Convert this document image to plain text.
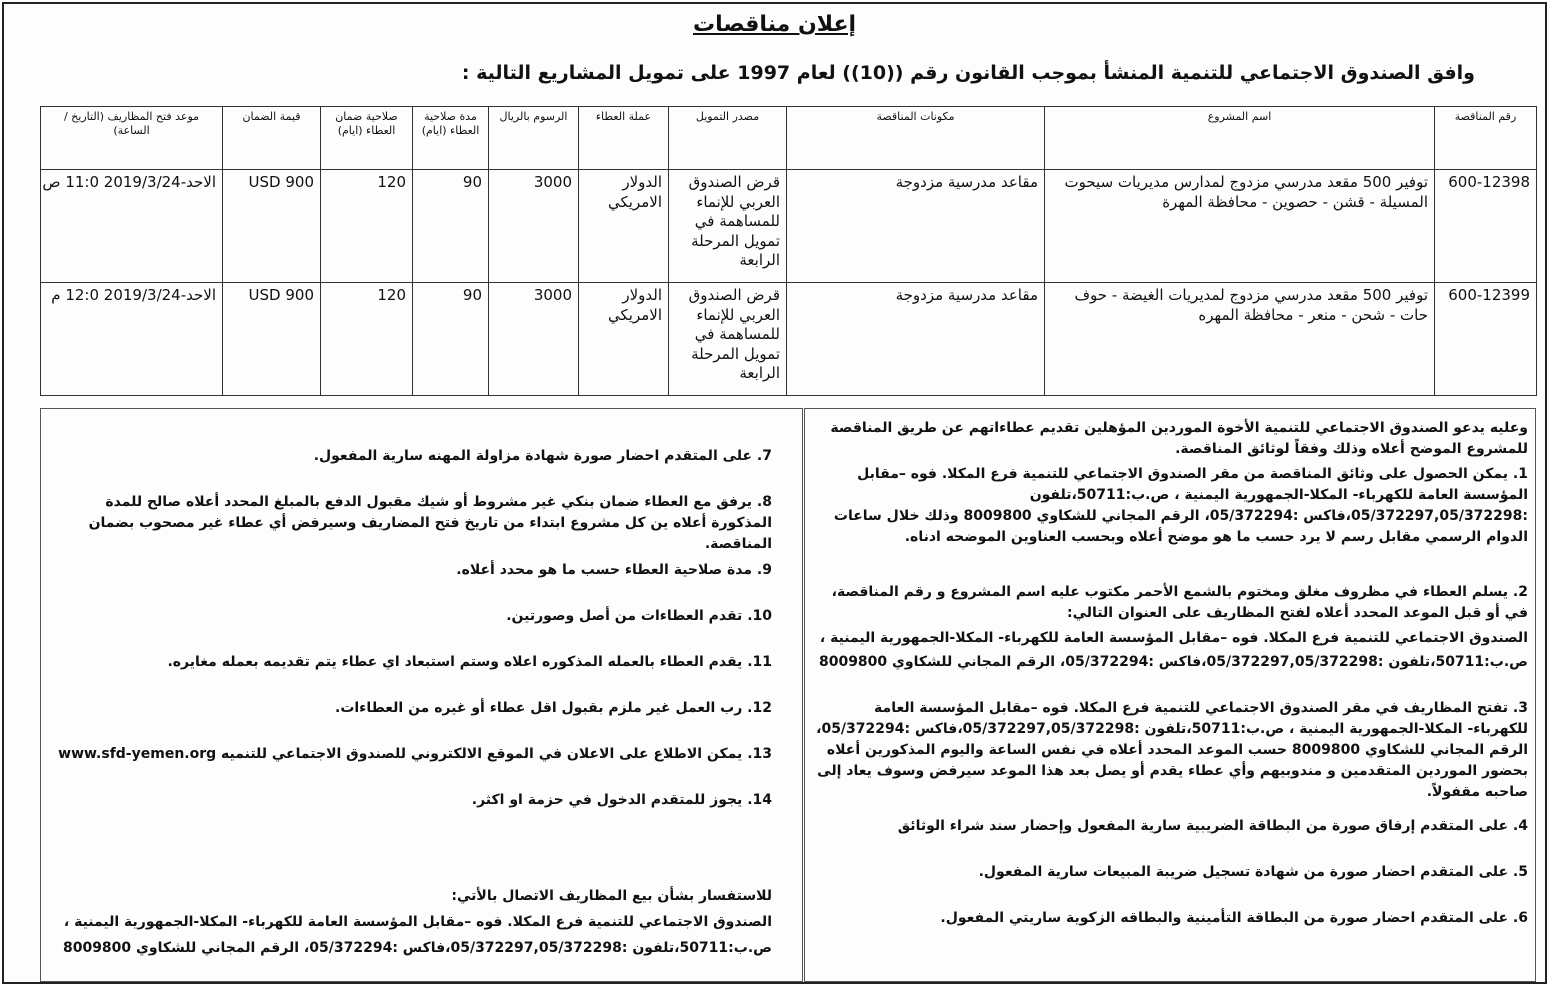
إعلان مناقصات
وافق الصندوق الاجتماعي للتنمية المنشأ بموجب القانون رقم ((10)) لعام 1997 على تمويل المشاريع التالية :
رقم المناقصة	اسم المشروع	مكونات المناقصة	مصدر التمويل	عملة العطاء	الرسوم بالريال	مدة صلاحية العطاء (ايام)	صلاحية ضمان العطاء (ايام)	قيمة الضمان	موعد فتح المظاريف (التاريخ /الساعة)
600-12398	توفير 500 مقعد مدرسي مزدوج لمدارس مديريات سيحوت المسيلة - قشن - حصوين - محافظة المهرة	مقاعد مدرسية مزدوجة	قرض الصندوق العربي للإنماء للمساهمة في تمويل المرحلة الرابعة	الدولار الامريكي	3000	90	120	USD 900	الاحد-2019/3/24 11:0 ص
600-12399	توفير 500 مقعد مدرسي مزدوج لمديريات الغيضة - حوف حات - شحن - منعر - محافظة المهره	مقاعد مدرسية مزدوجة	قرض الصندوق العربي للإنماء للمساهمة في تمويل المرحلة الرابعة	الدولار الامريكي	3000	90	120	USD 900	الاحد-2019/3/24 12:0 م
وعليه يدعو الصندوق الاجتماعي للتنمية الأخوة الموردين المؤهلين تقديم عطاءاتهم عن طريق المناقصة للمشروع الموضح أعلاه وذلك وفقاً لوثائق المناقصة.
1. يمكن الحصول على وثائق المناقصة من مقر الصندوق الاجتماعي للتنمية فرع المكلا. فوه –مقابل المؤسسة العامة للكهرباء- المكلا-الجمهورية اليمنية ، ص.ب:50711،تلفون :05/372297,05/372298،فاكس :05/372294، الرقم المجاني للشكاوي 8009800 وذلك خلال ساعات الدوام الرسمي مقابل رسم لا يرد حسب ما هو موضح أعلاه وبحسب العناوين الموضحه ادناه.
2. يسلم العطاء في مظروف مغلق ومختوم بالشمع الأحمر مكتوب عليه اسم المشروع و رقم المناقصة، في أو قبل الموعد المحدد أعلاه لفتح المظاريف على العنوان التالي:
الصندوق الاجتماعي للتنمية فرع المكلا. فوه –مقابل المؤسسة العامة للكهرباء- المكلا-الجمهورية اليمنية ،
ص.ب:50711،تلفون :05/372297,05/372298،فاكس :05/372294، الرقم المجاني للشكاوي 8009800
3. تفتح المظاريف في مقر الصندوق الاجتماعي للتنمية فرع المكلا. فوه –مقابل المؤسسة العامة للكهرباء- المكلا-الجمهورية اليمنية ، ص.ب:50711،تلفون :05/372297,05/372298،فاكس :05/372294، الرقم المجاني للشكاوي 8009800 حسب الموعد المحدد أعلاه في نفس الساعة واليوم المذكورين أعلاه بحضور الموردين المتقدمين و مندوبيهم وأي عطاء يقدم أو يصل بعد هذا الموعد سيرفض وسوف يعاد إلى صاحبه مقفولاً.
4. على المتقدم إرفاق صورة من البطاقة الضريبية سارية المفعول وإحضار سند شراء الوثائق
5. على المتقدم احضار صورة من شهادة تسجيل ضريبة المبيعات سارية المفعول.
6. على المتقدم احضار صورة من البطاقة التأمينية والبطاقه الزكوية ساريتي المفعول.
7. على المتقدم احضار صورة شهادة مزاولة المهنه سارية المفعول.
8. يرفق مع العطاء ضمان بنكي غير مشروط أو شيك مقبول الدفع بالمبلغ المحدد أعلاه صالح للمدة المذكورة أعلاه ين كل مشروع ابتداء من تاريخ فتح المضاريف وسيرفض أي عطاء غير مصحوب بضمان المناقصة.
9. مدة صلاحية العطاء حسب ما هو محدد أعلاه.
10. تقدم العطاءات من أصل وصورتين.
11. يقدم العطاء بالعمله المذكوره اعلاه وستم استبعاد اي عطاء يتم تقديمه بعمله مغايره.
12. رب العمل غير ملزم بقبول اقل عطاء أو غيره من العطاءات.
13. يمكن الاطلاع على الاعلان في الموقع الالكتروني للصندوق الاجتماعي للتنميه www.sfd-yemen.org
14. يجوز للمتقدم الدخول في حزمة او اكثر.
للاستفسار بشأن بيع المظاريف الاتصال بالأتي:
الصندوق الاجتماعي للتنمية فرع المكلا. فوه –مقابل المؤسسة العامة للكهرباء- المكلا-الجمهورية اليمنية ،
ص.ب:50711،تلفون :05/372297,05/372298،فاكس :05/372294، الرقم المجاني للشكاوي 8009800
